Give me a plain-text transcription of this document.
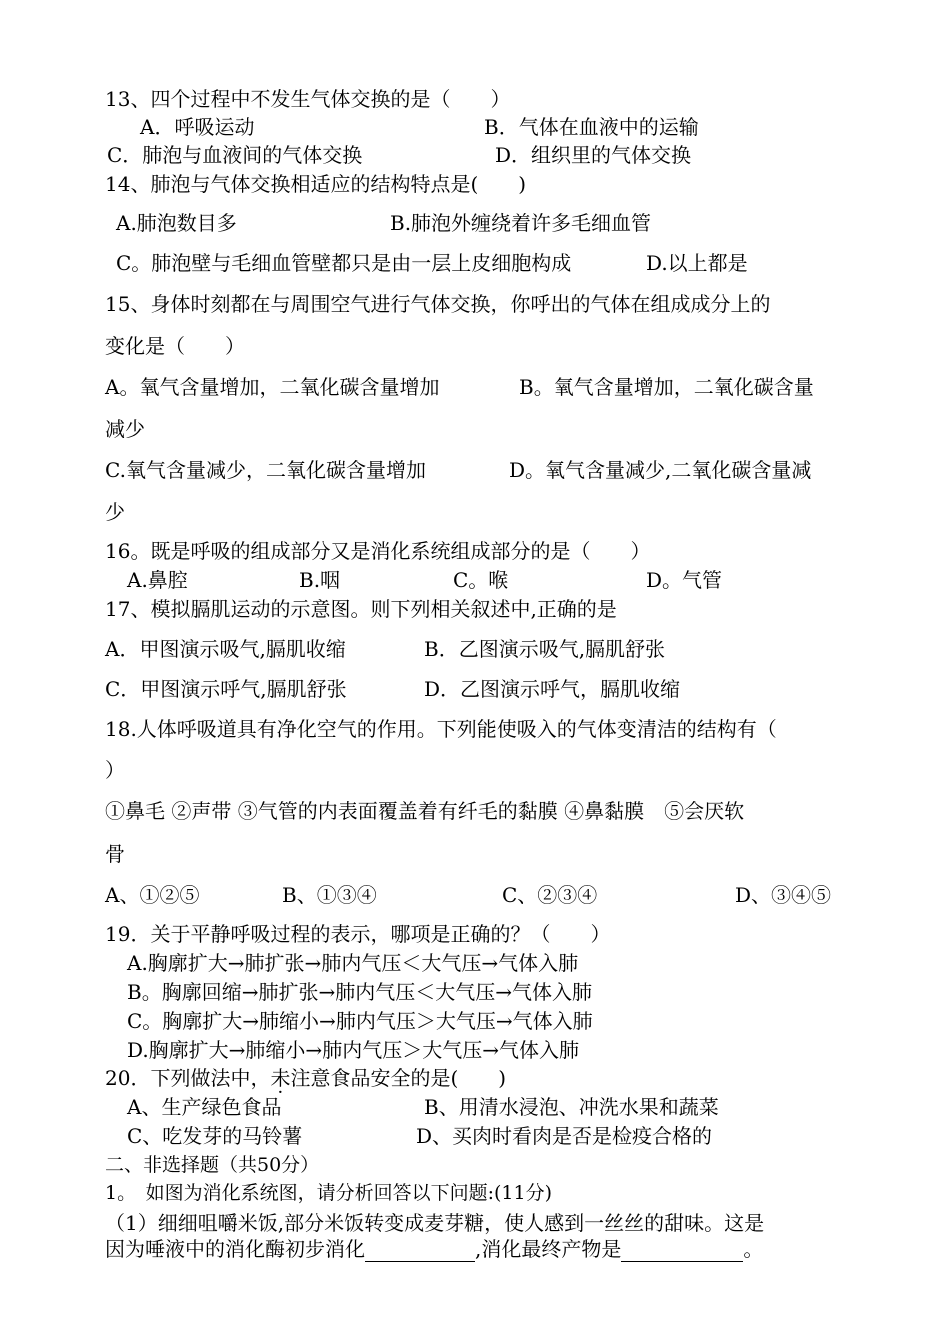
13、四个过程中不发生气体交换的是（　　）
A．呼吸运动	B．气体在血液中的运输
C．肺泡与血液间的气体交换	D．组织里的气体交换
14、肺泡与气体交换相适应的结构特点是(　　)
A.肺泡数目多	B.肺泡外缠绕着许多毛细血管
C。肺泡壁与毛细血管壁都只是由一层上皮细胞构成	D.以上都是
15、身体时刻都在与周围空气进行气体交换，你呼出的气体在组成成分上的
变化是（　　）
A。氧气含量增加，二氧化碳含量增加	B。氧气含量增加，二氧化碳含量
减少
C.氧气含量减少，二氧化碳含量增加	D。氧气含量减少,二氧化碳含量减
少
16。既是呼吸的组成部分又是消化系统组成部分的是（　　）
A.鼻腔	B.咽	C。喉	D。气管
17、模拟膈肌运动的示意图。则下列相关叙述中,正确的是
A．甲图演示吸气,膈肌收缩	B．乙图演示吸气,膈肌舒张
C．甲图演示呼气,膈肌舒张	D．乙图演示呼气，膈肌收缩
18.人体呼吸道具有净化空气的作用。下列能使吸入的气体变清洁的结构有（
）
①鼻毛 ②声带 ③气管的内表面覆盖着有纤毛的黏膜 ④鼻黏膜　⑤会厌软
骨
A、①②⑤	B、①③④	C、②③④	D、③④⑤
19．关于平静呼吸过程的表示，哪项是正确的？（　　）
A.胸廓扩大→肺扩张→肺内气压＜大气压→气体入肺
B。胸廓回缩→肺扩张→肺内气压＜大气压→气体入肺
C。胸廓扩大→肺缩小→肺内气压＞大气压→气体入肺
D.胸廓扩大→肺缩小→肺内气压＞大气压→气体入肺
20．下列做法中，未注意食品安全的是(　　)
A、生产绿色食品	B、用清水浸泡、冲洗水果和蔬菜
C、吃发芽的马铃薯	D、买肉时看肉是否是检疫合格的
二、非选择题（共50分）
1。　如图为消化系统图，请分析回答以下问题:(11分)
（1）细细咀嚼米饭,部分米饭转变成麦芽糖，使人感到一丝丝的甜味。这是
因为唾液中的消化酶初步消化	,消化最终产物是	。
